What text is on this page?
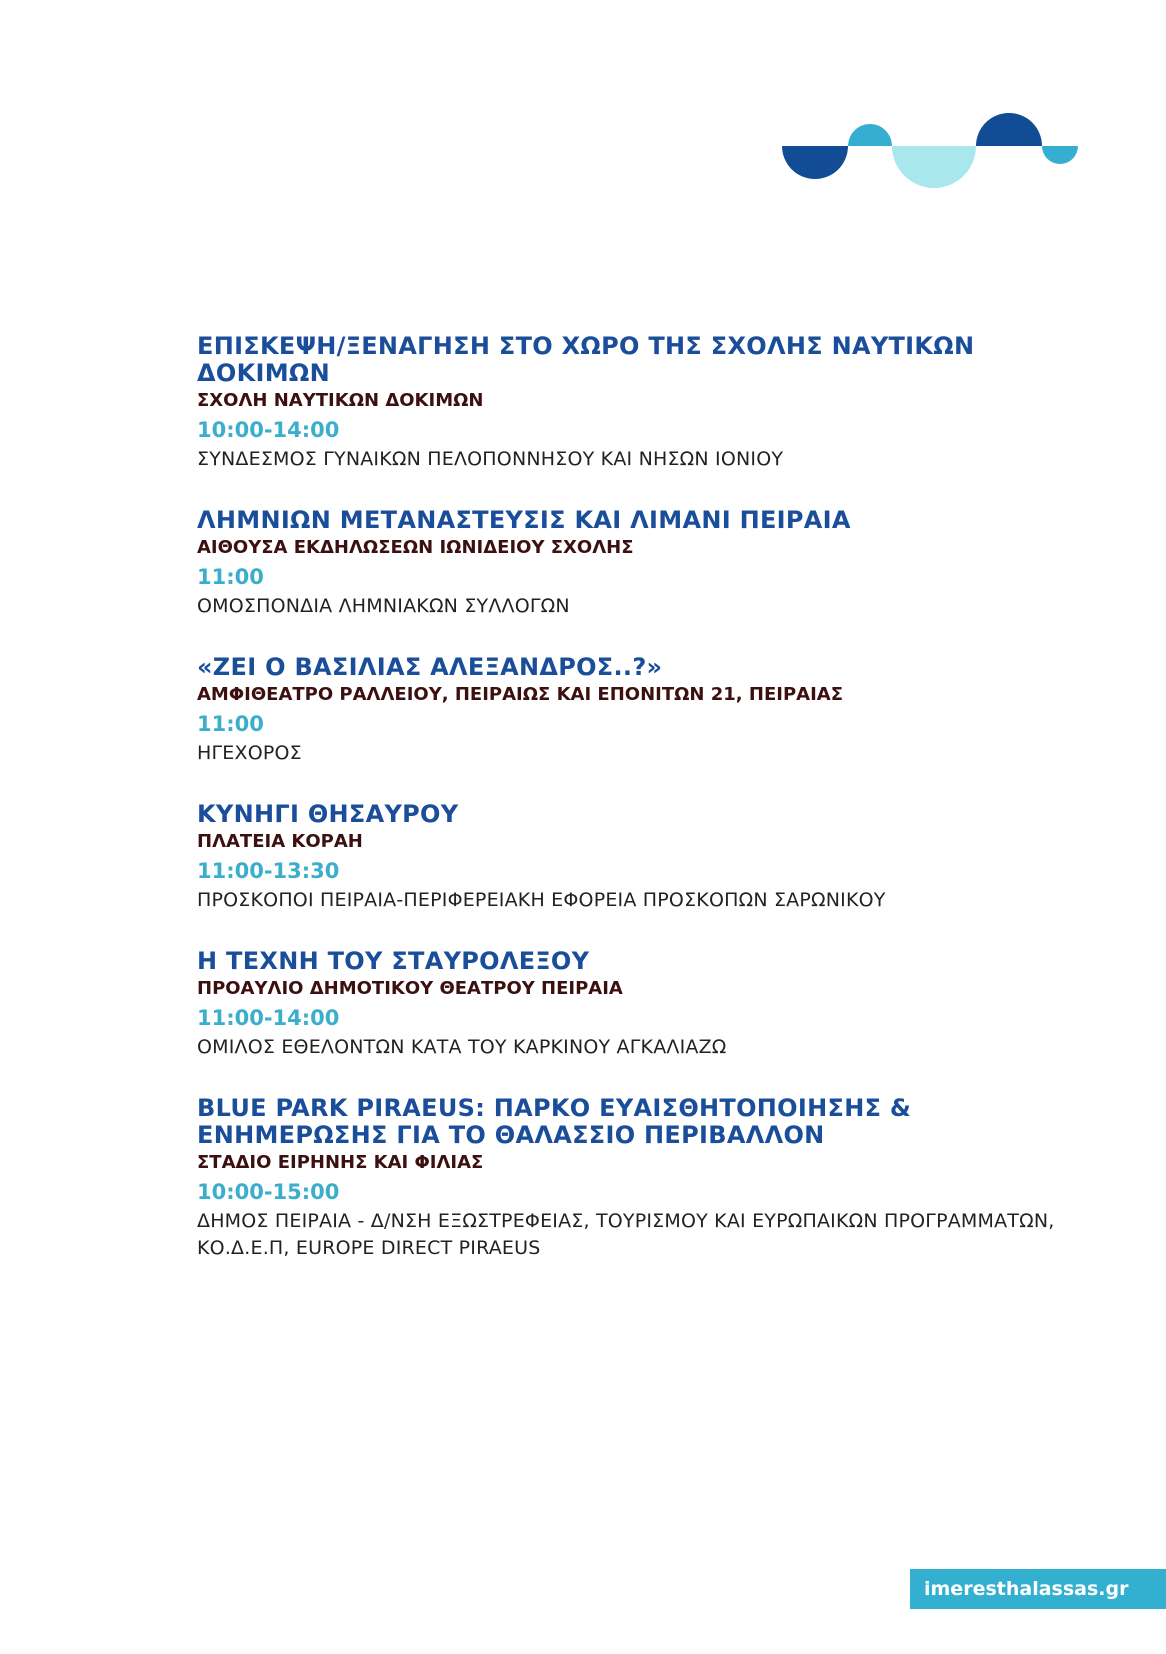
ΕΠΙΣΚΕΨΗ/ΞΕΝΑΓΗΣΗ ΣΤΟ ΧΩΡΟ ΤΗΣ ΣΧΟΛΗΣ ΝΑΥΤΙΚΩΝ ΔΟΚΙΜΩΝ
ΣΧΟΛΗ ΝΑΥΤΙΚΩΝ ΔΟΚΙΜΩΝ
10:00-14:00
ΣΥΝΔΕΣΜΟΣ ΓΥΝΑΙΚΩΝ ΠΕΛΟΠΟΝΝΗΣΟΥ ΚΑΙ ΝΗΣΩΝ ΙΟΝΙΟΥ
ΛΗΜΝΙΩΝ ΜΕΤΑΝΑΣΤΕΥΣΙΣ ΚΑΙ ΛΙΜΑΝΙ ΠΕΙΡΑΙΑ
ΑΙΘΟΥΣΑ ΕΚΔΗΛΩΣΕΩΝ ΙΩΝΙΔΕΙΟΥ ΣΧΟΛΗΣ
11:00
ΟΜΟΣΠΟΝΔΙΑ ΛΗΜΝΙΑΚΩΝ ΣΥΛΛΟΓΩΝ
«ΖΕΙ Ο ΒΑΣΙΛΙΑΣ ΑΛΕΞΑΝΔΡΟΣ..?»
ΑΜΦΙΘΕΑΤΡΟ ΡΑΛΛΕΙΟΥ, ΠΕΙΡΑΙΩΣ ΚΑΙ ΕΠΟΝΙΤΩΝ 21, ΠΕΙΡΑΙΑΣ
11:00
ΗΓΕΧΟΡΟΣ
ΚΥΝΗΓΙ ΘΗΣΑΥΡΟΥ
ΠΛΑΤΕΙΑ ΚΟΡΑΗ
11:00-13:30
ΠΡΟΣΚΟΠΟΙ ΠΕΙΡΑΙΑ-ΠΕΡΙΦΕΡΕΙΑΚΗ ΕΦΟΡΕΙΑ ΠΡΟΣΚΟΠΩΝ ΣΑΡΩΝΙΚΟΥ
Η ΤΕΧΝΗ ΤΟΥ ΣΤΑΥΡΟΛΕΞΟΥ
ΠΡΟΑΥΛΙΟ ΔΗΜΟΤΙΚΟΥ ΘΕΑΤΡΟΥ ΠΕΙΡΑΙΑ
11:00-14:00
ΟΜΙΛΟΣ ΕΘΕΛΟΝΤΩΝ ΚΑΤΑ ΤΟΥ ΚΑΡΚΙΝΟΥ ΑΓΚΑΛΙΑΖΩ
BLUE PARK PIRAEUS: ΠΑΡΚΟ ΕΥΑΙΣΘΗΤΟΠΟΙΗΣΗΣ & ΕΝΗΜΕΡΩΣΗΣ ΓΙΑ ΤΟ ΘΑΛΑΣΣΙΟ ΠΕΡΙΒΑΛΛΟΝ
ΣΤΑΔΙΟ ΕΙΡΗΝΗΣ ΚΑΙ ΦΙΛΙΑΣ
10:00-15:00
ΔΗΜΟΣ ΠΕΙΡΑΙΑ - Δ/ΝΣΗ ΕΞΩΣΤΡΕΦΕΙΑΣ, ΤΟΥΡΙΣΜΟΥ ΚΑΙ ΕΥΡΩΠΑΙΚΩΝ ΠΡΟΓΡΑΜΜΑΤΩΝ, ΚΟ.Δ.Ε.Π, EUROPE DIRECT PIRAEUS
imeresthalassas.gr
